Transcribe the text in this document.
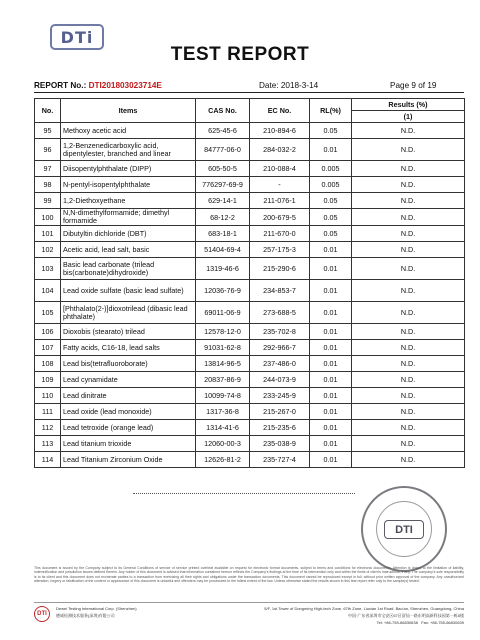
DTi
TEST REPORT
REPORT No.: DTI201803023714E	Date: 2018-3-14	Page 9 of 19
No.	Items	CAS No.	EC No.	RL(%)	Results (%)
					(1)
95	Methoxy acetic acid	625-45-6	210-894-6	0.05	N.D.
96	1,2-Benzenedicarboxylic acid, dipentylester, branched and linear	84777-06-0	284-032-2	0.01	N.D.
97	Diisopentylphthalate (DIPP)	605-50-5	210-088-4	0.005	N.D.
98	N-pentyl-isopentylphthalate	776297-69-9	-	0.005	N.D.
99	1,2-Diethoxyethane	629-14-1	211-076-1	0.05	N.D.
100	N,N-dimethylformamide; dimethyl formamide	68-12-2	200-679-5	0.05	N.D.
101	Dibutyltin dichloride (DBT)	683-18-1	211-670-0	0.05	N.D.
102	Acetic acid, lead salt, basic	51404-69-4	257-175-3	0.01	N.D.
103	Basic lead carbonate (trilead bis(carbonate)dihydroxide)	1319-46-6	215-290-6	0.01	N.D.
104	Lead oxide sulfate (basic lead sulfate)	12036-76-9	234-853-7	0.01	N.D.
105	[Phthalato(2-)]dioxotrilead (dibasic lead phthalate)	69011-06-9	273-688-5	0.01	N.D.
106	Dioxobis (stearato) trilead	12578-12-0	235-702-8	0.01	N.D.
107	Fatty acids, C16-18, lead salts	91031-62-8	292-966-7	0.01	N.D.
108	Lead bis(tetrafluoroborate)	13814-96-5	237-486-0	0.01	N.D.
109	Lead cynamidate	20837-86-9	244-073-9	0.01	N.D.
110	Lead dinitrate	10099-74-8	233-245-9	0.01	N.D.
111	Lead oxide (lead monoxide)	1317-36-8	215-267-0	0.01	N.D.
112	Lead tetroxide (orange lead)	1314-41-6	215-235-6	0.01	N.D.
113	Lead titanium trioxide	12060-00-3	235-038-9	0.01	N.D.
114	Lead Titanium Zirconium Oxide	12626-81-2	235-727-4	0.01	N.D.
DTI
This document is issued by the Company subject to its General Conditions of service of service printed overleaf available on request for electronic format documents, subject to terms and conditions for electronic documents. Attention is drawn to the limitation of liability, indemnification and jurisdiction issues defined therein. Any holder of this document is advised that information contained hereon reflects the Company's findings at the time of its intervention only and within the limits of client's instructions, if any. The company's sole responsibility is to its client and this document does not exonerate parties to a transaction from exercising all their rights and obligations under the transaction documents. This document cannot be reproduced except in full, without prior written approval of the company. Any unauthorized alteration, forgery or falsification of the content or appearance of this document is unlawful and offenders may be prosecuted to the fullest extent of the law. Unless otherwise stated the results shown in this test report refer only to the sample(s) tested.
DTI
Dewei Testing International Corp. (Shenzhen)
德威检测技术服务(深圳)有限公司
5/F, 1st Tower of Dongming High-tech Zone, 67th Zone, Liuxian 1st Road, Bao'an, Shenzhen, Guangdong, China
中国·广东省深圳市宝安区67区留仙一路东明高新科技园第一栋5楼
Tel: +86-755-66830638 Fax: +86-755-66830639
